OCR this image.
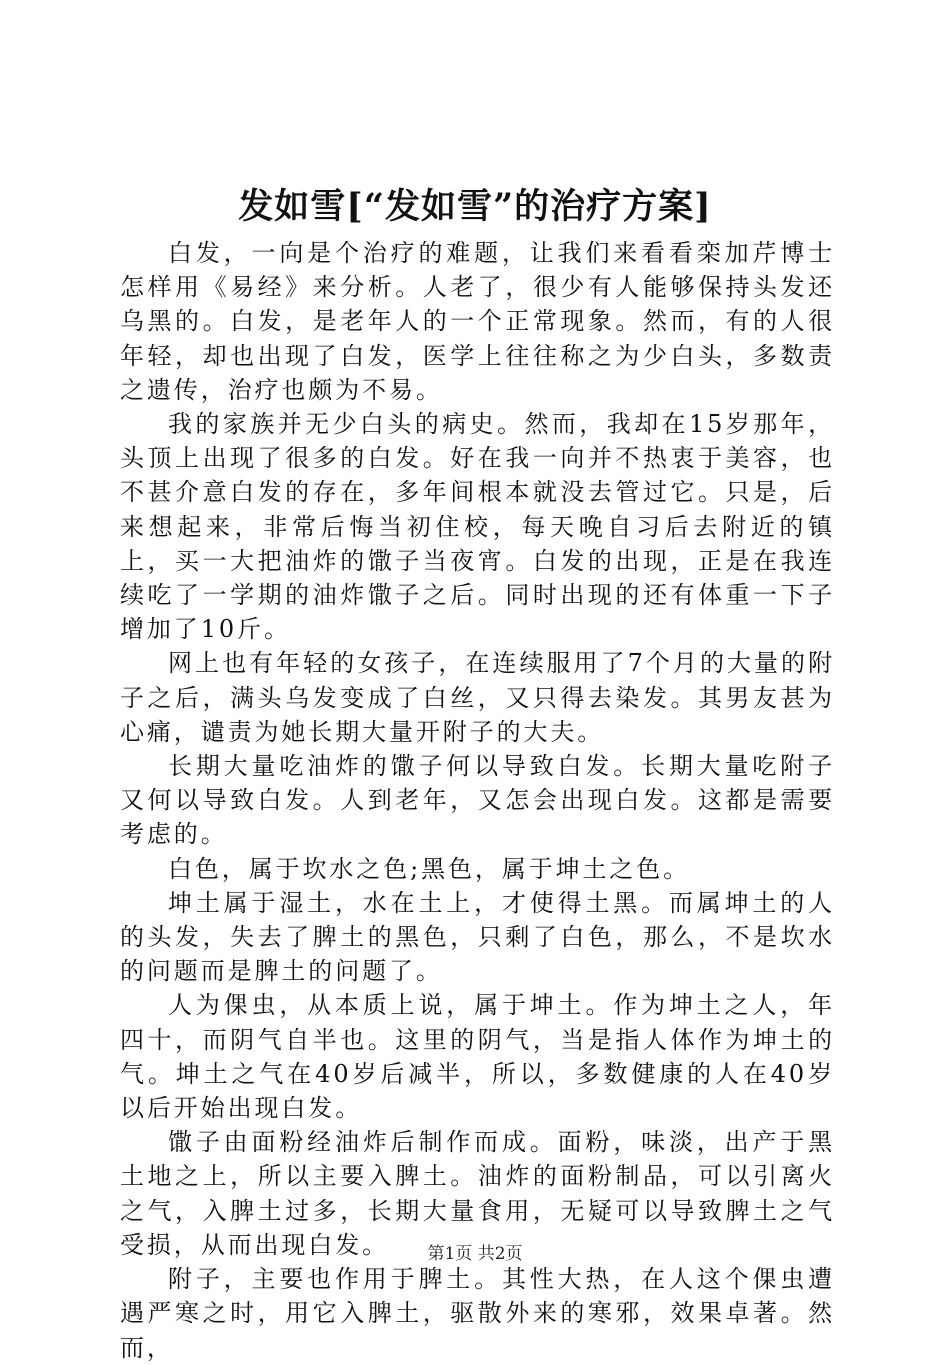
发如雪[“发如雪”的治疗方案]

白发，一向是个治疗的难题，让我们来看看栾加芹博士怎样用《易经》来分析。人老了，很少有人能够保持头发还乌黑的。白发，是老年人的一个正常现象。然而，有的人很年轻，却也出现了白发，医学上往往称之为少白头，多数责之遗传，治疗也颇为不易。

我的家族并无少白头的病史。然而，我却在15岁那年，头顶上出现了很多的白发。好在我一向并不热衷于美容，也不甚介意白发的存在，多年间根本就没去管过它。只是，后来想起来，非常后悔当初住校，每天晚自习后去附近的镇上，买一大把油炸的馓子当夜宵。白发的出现，正是在我连续吃了一学期的油炸馓子之后。同时出现的还有体重一下子增加了10斤。

网上也有年轻的女孩子，在连续服用了7个月的大量的附子之后，满头乌发变成了白丝，又只得去染发。其男友甚为心痛，谴责为她长期大量开附子的大夫。

长期大量吃油炸的馓子何以导致白发。长期大量吃附子又何以导致白发。人到老年，又怎会出现白发。这都是需要考虑的。

白色，属于坎水之色;黑色，属于坤土之色。

坤土属于湿土，水在土上，才使得土黑。而属坤土的人的头发，失去了脾土的黑色，只剩了白色，那么，不是坎水的问题而是脾土的问题了。

人为倮虫，从本质上说，属于坤土。作为坤土之人，年四十，而阴气自半也。这里的阴气，当是指人体作为坤土的气。坤土之气在40岁后减半，所以，多数健康的人在40岁以后开始出现白发。

馓子由面粉经油炸后制作而成。面粉，味淡，出产于黑土地之上，所以主要入脾土。油炸的面粉制品，可以引离火之气，入脾土过多，长期大量食用，无疑可以导致脾土之气受损，从而出现白发。

附子，主要也作用于脾土。其性大热，在人这个倮虫遭遇严寒之时，用它入脾土，驱散外来的寒邪，效果卓著。然而，

第1页 共2页
